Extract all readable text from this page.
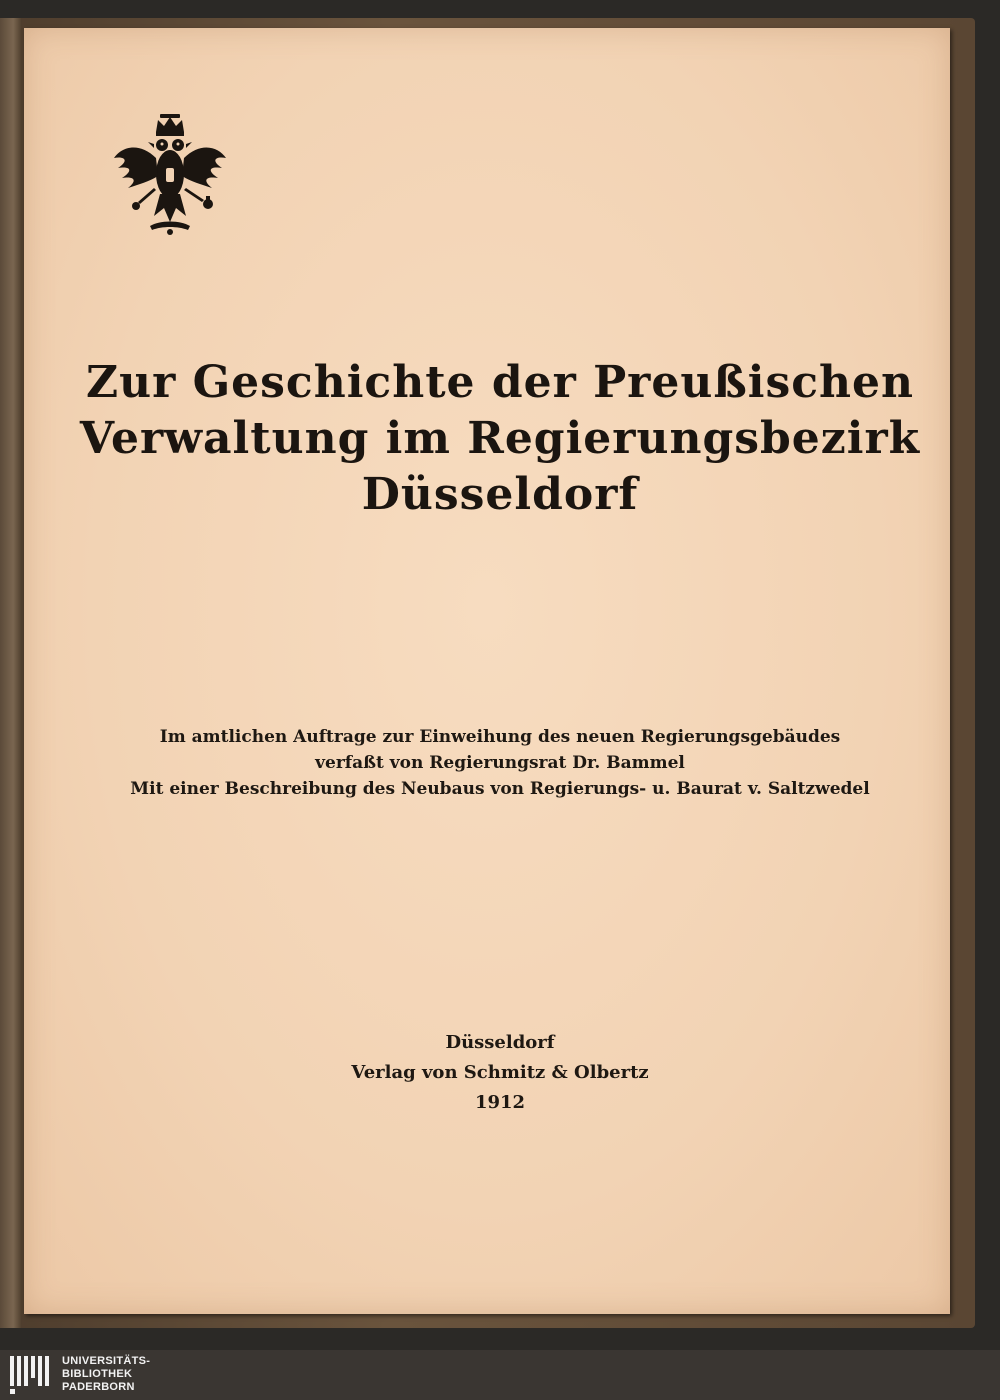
Zur Geschichte der Preußischen
Verwaltung im Regierungsbezirk
Düsseldorf
Im amtlichen Auftrage zur Einweihung des neuen Regierungsgebäudes
verfaßt von Regierungsrat Dr. Bammel
Mit einer Beschreibung des Neubaus von Regierungs- u. Baurat v. Saltzwedel
Düsseldorf
Verlag von Schmitz & Olbertz
1912
UNIVERSITÄTS-
BIBLIOTHEK
PADERBORN
